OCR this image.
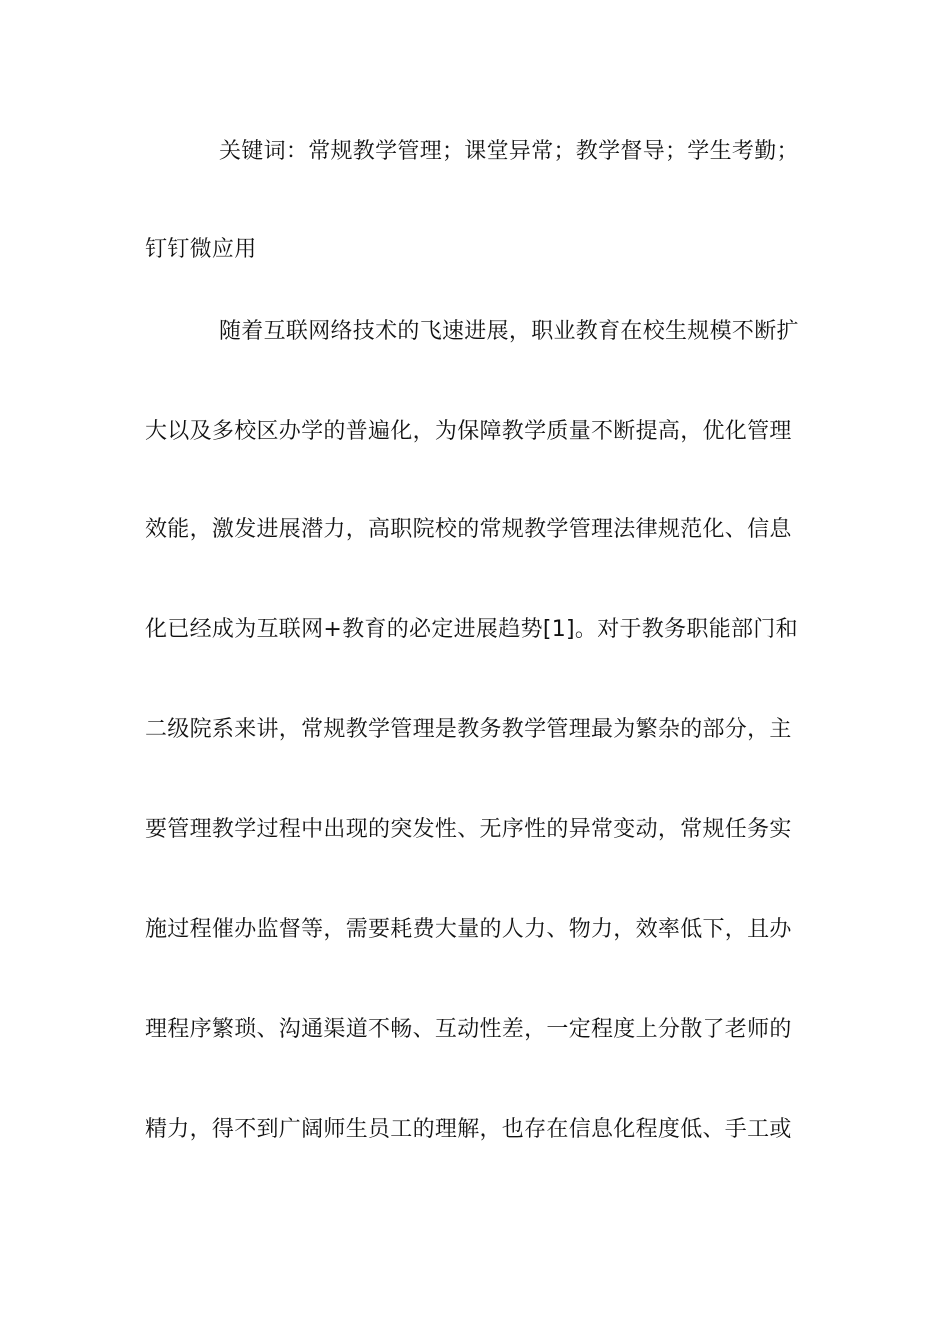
关键词：常规教学管理；课堂异常；教学督导；学生考勤；
钉钉微应用
随着互联网络技术的飞速进展，职业教育在校生规模不断扩
大以及多校区办学的普遍化，为保障教学质量不断提高，优化管理
效能，激发进展潜力，高职院校的常规教学管理法律规范化、信息
化已经成为互联网+教育的必定进展趋势[1]。对于教务职能部门和
二级院系来讲，常规教学管理是教务教学管理最为繁杂的部分，主
要管理教学过程中出现的突发性、无序性的异常变动，常规任务实
施过程催办监督等，需要耗费大量的人力、物力，效率低下，且办
理程序繁琐、沟通渠道不畅、互动性差，一定程度上分散了老师的
精力，得不到广阔师生员工的理解，也存在信息化程度低、手工或
